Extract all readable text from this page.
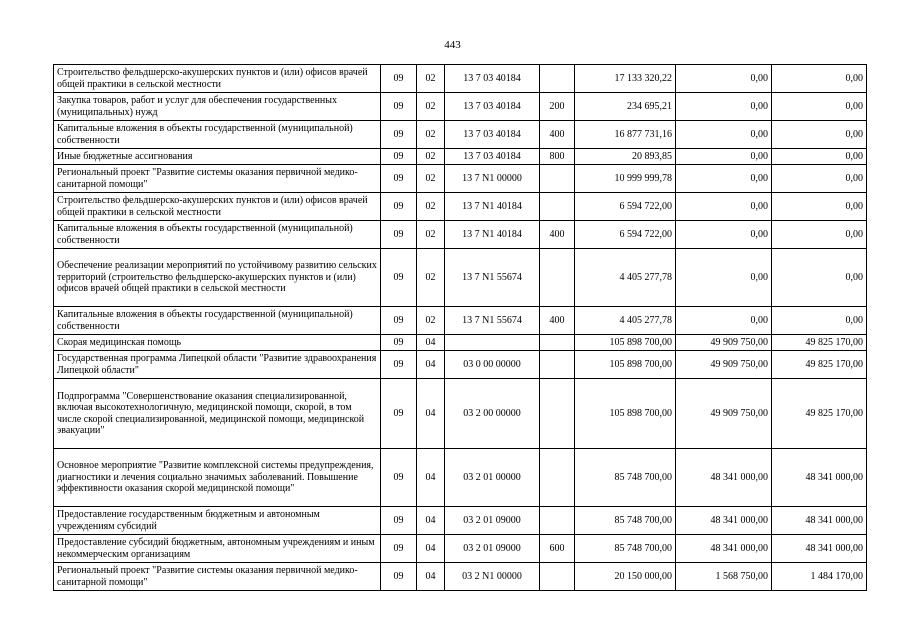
443
Строительство фельдшерско-акушерских пунктов и (или) офисов врачей общей практики в сельской местности	09	02	13 7 03 40184		17 133 320,22	0,00	0,00
Закупка товаров, работ и услуг для обеспечения государственных (муниципальных) нужд	09	02	13 7 03 40184	200	234 695,21	0,00	0,00
Капитальные вложения в объекты государственной (муниципальной) собственности	09	02	13 7 03 40184	400	16 877 731,16	0,00	0,00
Иные бюджетные ассигнования	09	02	13 7 03 40184	800	20 893,85	0,00	0,00
Региональный проект "Развитие системы оказания первичной медико-санитарной помощи"	09	02	13 7 N1 00000		10 999 999,78	0,00	0,00
Строительство фельдшерско-акушерских пунктов и (или) офисов врачей общей практики в сельской местности	09	02	13 7 N1 40184		6 594 722,00	0,00	0,00
Капитальные вложения в объекты государственной (муниципальной) собственности	09	02	13 7 N1 40184	400	6 594 722,00	0,00	0,00
Обеспечение реализации мероприятий по устойчивому развитию сельских территорий (строительство фельдшерско-акушерских пунктов и (или) офисов врачей общей практики в сельской местности	09	02	13 7 N1 55674		4 405 277,78	0,00	0,00
Капитальные вложения в объекты государственной (муниципальной) собственности	09	02	13 7 N1 55674	400	4 405 277,78	0,00	0,00
Скорая медицинская помощь	09	04			105 898 700,00	49 909 750,00	49 825 170,00
Государственная программа Липецкой области "Развитие здравоохранения Липецкой области"	09	04	03 0 00 00000		105 898 700,00	49 909 750,00	49 825 170,00
Подпрограмма "Совершенствование оказания специализированной, включая высокотехнологичную, медицинской помощи, скорой, в том числе скорой специализированной, медицинской помощи, медицинской эвакуации"	09	04	03 2 00 00000		105 898 700,00	49 909 750,00	49 825 170,00
Основное мероприятие "Развитие комплексной системы предупреждения, диагностики и лечения социально значимых заболеваний. Повышение эффективности оказания скорой медицинской помощи"	09	04	03 2 01 00000		85 748 700,00	48 341 000,00	48 341 000,00
Предоставление государственным бюджетным и автономным учреждениям субсидий	09	04	03 2 01 09000		85 748 700,00	48 341 000,00	48 341 000,00
Предоставление субсидий бюджетным, автономным учреждениям и иным некоммерческим организациям	09	04	03 2 01 09000	600	85 748 700,00	48 341 000,00	48 341 000,00
Региональный проект "Развитие системы оказания первичной медико-санитарной помощи"	09	04	03 2 N1 00000		20 150 000,00	1 568 750,00	1 484 170,00
